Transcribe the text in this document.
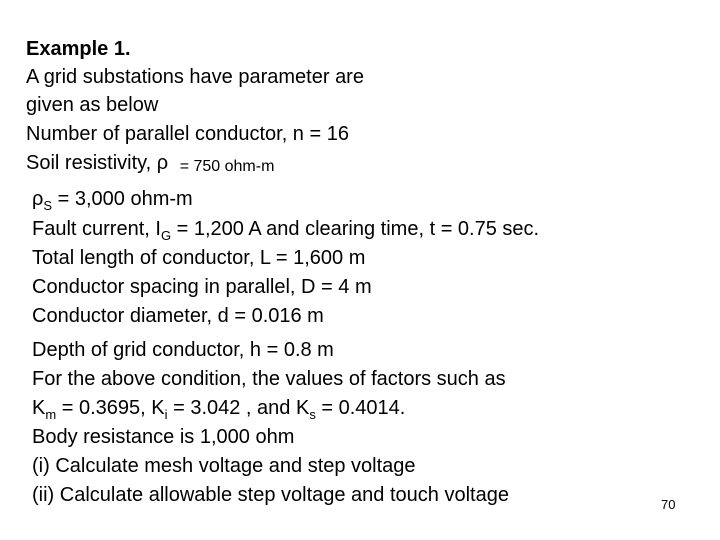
Example 1.
A grid substations have parameter are
given as below
Number of parallel conductor, n = 16
Soil resistivity, ρ = 750 ohm-m
$\rho_S = 3,000$ ohm-m
Fault current, $I_G = 1,200$ A and clearing time, t = 0.75 sec.
Total length of conductor, L = 1,600 m
Conductor spacing in parallel, D = 4 m
Conductor diameter, d = 0.016 m
Depth of grid conductor, h = 0.8 m
For the above condition, the values of factors such as
$K_m = 0.3695$, $K_i = 3.042$ , and $K_s = 0.4014$.
Body resistance is 1,000 ohm
(i) Calculate mesh voltage and step voltage
(ii) Calculate allowable step voltage and touch voltage	70
